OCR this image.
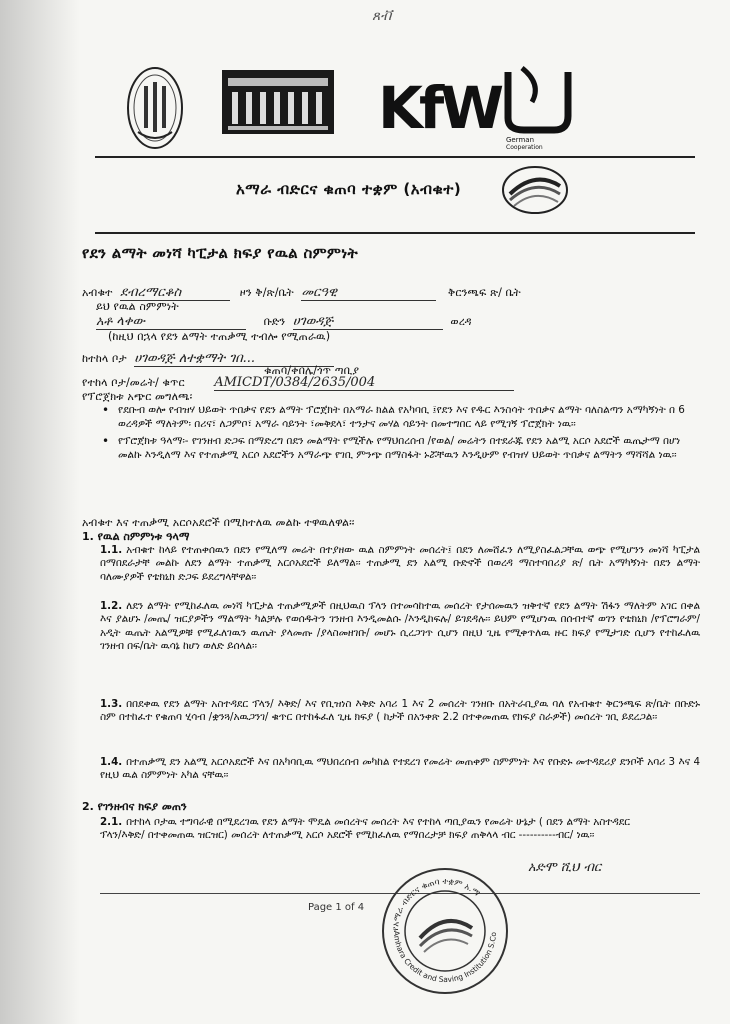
ጸቭ
KfW German
Cooperation
አማራ ብድርና ቁጠባ ተቋም (አብቁተ)
የደን ልማት መነሻ ካፒታል ክፍያ የዉል ስምምነት
አብቁተ ደብረማርቆስ	ዞን ቅ/ጽ/ቤት መርዓዊ	ቅርንጫፍ ጽ/ ቤት
ይህ የዉል ስምምነት
አቶ ላቀው	ቡድን ሀገወዳጅ	ወረዳ
(ከዚህ በኋላ የደን ልማት ተጠቃሚ ተብሎ የሚጠራዉ)
ከተከላ ቦታ ሀገወዳጅ ለተቋማት ገበ...
ቁጠባ/ቀበሌ/ጎጥ ጣቢያ
የተከላ ቦታ/መሬት/ ቁጥር AMICDT/0384/2635/004
የፕሮጀክቱ አጭር መግለጫ፡
• የደቡብ ወሎ የብዝሃ ህይወት ጥበቃና የደን ልማት ፕሮጀክት በአማራ ክልል የአካባቢ ፤የደን እና የዱር እንስሳት ጥበቃና ልማት ባለስልጣን አማካኝነት በ 6 ወረዳዎች ማለትም፡ በሪና፣ ለጋምቦ፣ አማራ ሳይንት ፣መቅደላ፣ ተንታና መሃል ሳይንት በመተግበር ላይ የሚገኝ ፕሮጀክት ነዉ፡፡
• የፕሮጀክቱ ዓላማ፡- የገንዘብ ድጋፍ በማድረግ በደን መልማት የሚችሉ የማህበረሰብ /የወል/ መሬትን በተደራጁ የደን አልሚ አርሶ አደሮች ዉጤታማ በሆነ መልኩ እንዲለማ እና የተጠቃሚ አርሶ አደሮችን አማራጭ የገቢ ምንጭ በማስፋት ኑሯቸዉን እንዲሁም የብዝሃ ህይወት ጥበቃና ልማትን ማሻሻል ነዉ፡፡
አብቁተ እና ተጠቃሚ አርሶአደሮች በሚከተለዉ መልኩ ተዋዉለዋል፡፡
1. የዉል ስምምነቱ ዓላማ
1.1. አብቁተ ከላይ የተጠቀሰዉን በደን የሚለማ መሬት በተያዘው ዉል ስምምነት መሰረት፤ በደን ለመሸፈን ለሚያስፈልጋቸዉ ወጭ የሚሆንን መነሻ ካፒታል በማበደራታቸ መልኩ ለደን ልማት ተጠቃሚ አርሶአደሮች ይለማል፡፡ ተጠቃሚ ደን አልሚ ቡድኖች በወረዳ ማስተባበሪያ ጽ/ ቤት አማካኝነት በደን ልማት ባለሙያዎች የቴክኒክ ድጋፍ ይደረግላቸዋል፡፡
1.2. ለደን ልማት የሚከፈለዉ መነሻ ካፒታል ተጠቃሚዎች በዚህዉስ ፕላን በተመሳከተዉ መሰረት የታሰመዉን ዝቅተኛ የደን ልማት ሽፋን ማለትም አገር በቀል እና ያልሆኑ /መጤ/ ዝርያዎችን ማልማት ካልቻሉ የወሰዱትን ገንዘብ እንዲመልሱ /እንዲከፍሉ/ ይገደዳሉ፡፡ ይህም የሚሆነዉ በሰብተኛ ወገን የቴክኒክ /የፕሮግራም/ አዲት ዉጤት አልሚዎቹ የሚፈለገዉን ዉጤት ያላመጡ /ያላስመዘገቡ/ መሆኑ ሲረጋገጥ ሲሆን በዚህ ጊዜ የሚቀጥለዉ ዙር ክፍያ የሚታገድ ሲሆን የተከፈለዉ ገንዘብ በፍ/ቤት ዉሳኔ ከሆነ ወለድ ይሰላል፡፡
1.3. በበደቀዉ የደን ልማት አስተዳደር ፕላን/ እቅድ/ እና የቢዝነስ እቅድ አባሪ 1 እና 2 መሰረት ገንዘቡ በአትራቢያዉ ባለ የአብቁተ ቅርንጫፍ ጽ/ቤት በቡድኑ ስም በተከፈተ የቁጠባ ሂሳብ /ቋንጓ/አዉጋንገ/ ቁጥር በተከፋፈለ ጊዜ ክፍያ ( ከታች በአንቀጽ 2.2 በተቀመጠዉ የክፍያ ስራዎች) መሰረት ገቢ ይደረጋል፡፡
1.4. በተጠቃሚ ደን አልሚ አርሶአደሮች እና በአካባቢዉ ማህበረሰብ መካከል የተደረገ የመሬት መጠቀም ስምምነት እና የቡድኑ መተዳደሪያ ደንቦች አባሪ 3 እና 4 የዚህ ዉል ስምምነት አካል ናቸዉ፡፡
2. የገንዘብና ክፍያ መጠን
2.1. በተከላ ቦታዉ ተግባራዊ በሚደረገዉ የደን ልማት ሞዴል መሰረትና መሰረት እና የተከላ ጣቢያዉን የመሬት ሁኔታ ( በደን ልማት አስተዳደር ፕላን/እቅድ/ በተቀመጠዉ ዝርዝር) መሰረት ለተጠቃሚ አርሶ አደሮች የሚከፈለዉ የማበረታቻ ክፍያ ጠቅላላ ብር ----------ብር/ ነዉ፡፡
አድሞ ሺህ ብር
Page 1 of 4
የአማራ ብድርና ቁጠባ ተቋም አ.ማ
Amhara Credit and Saving Institution S.Co
